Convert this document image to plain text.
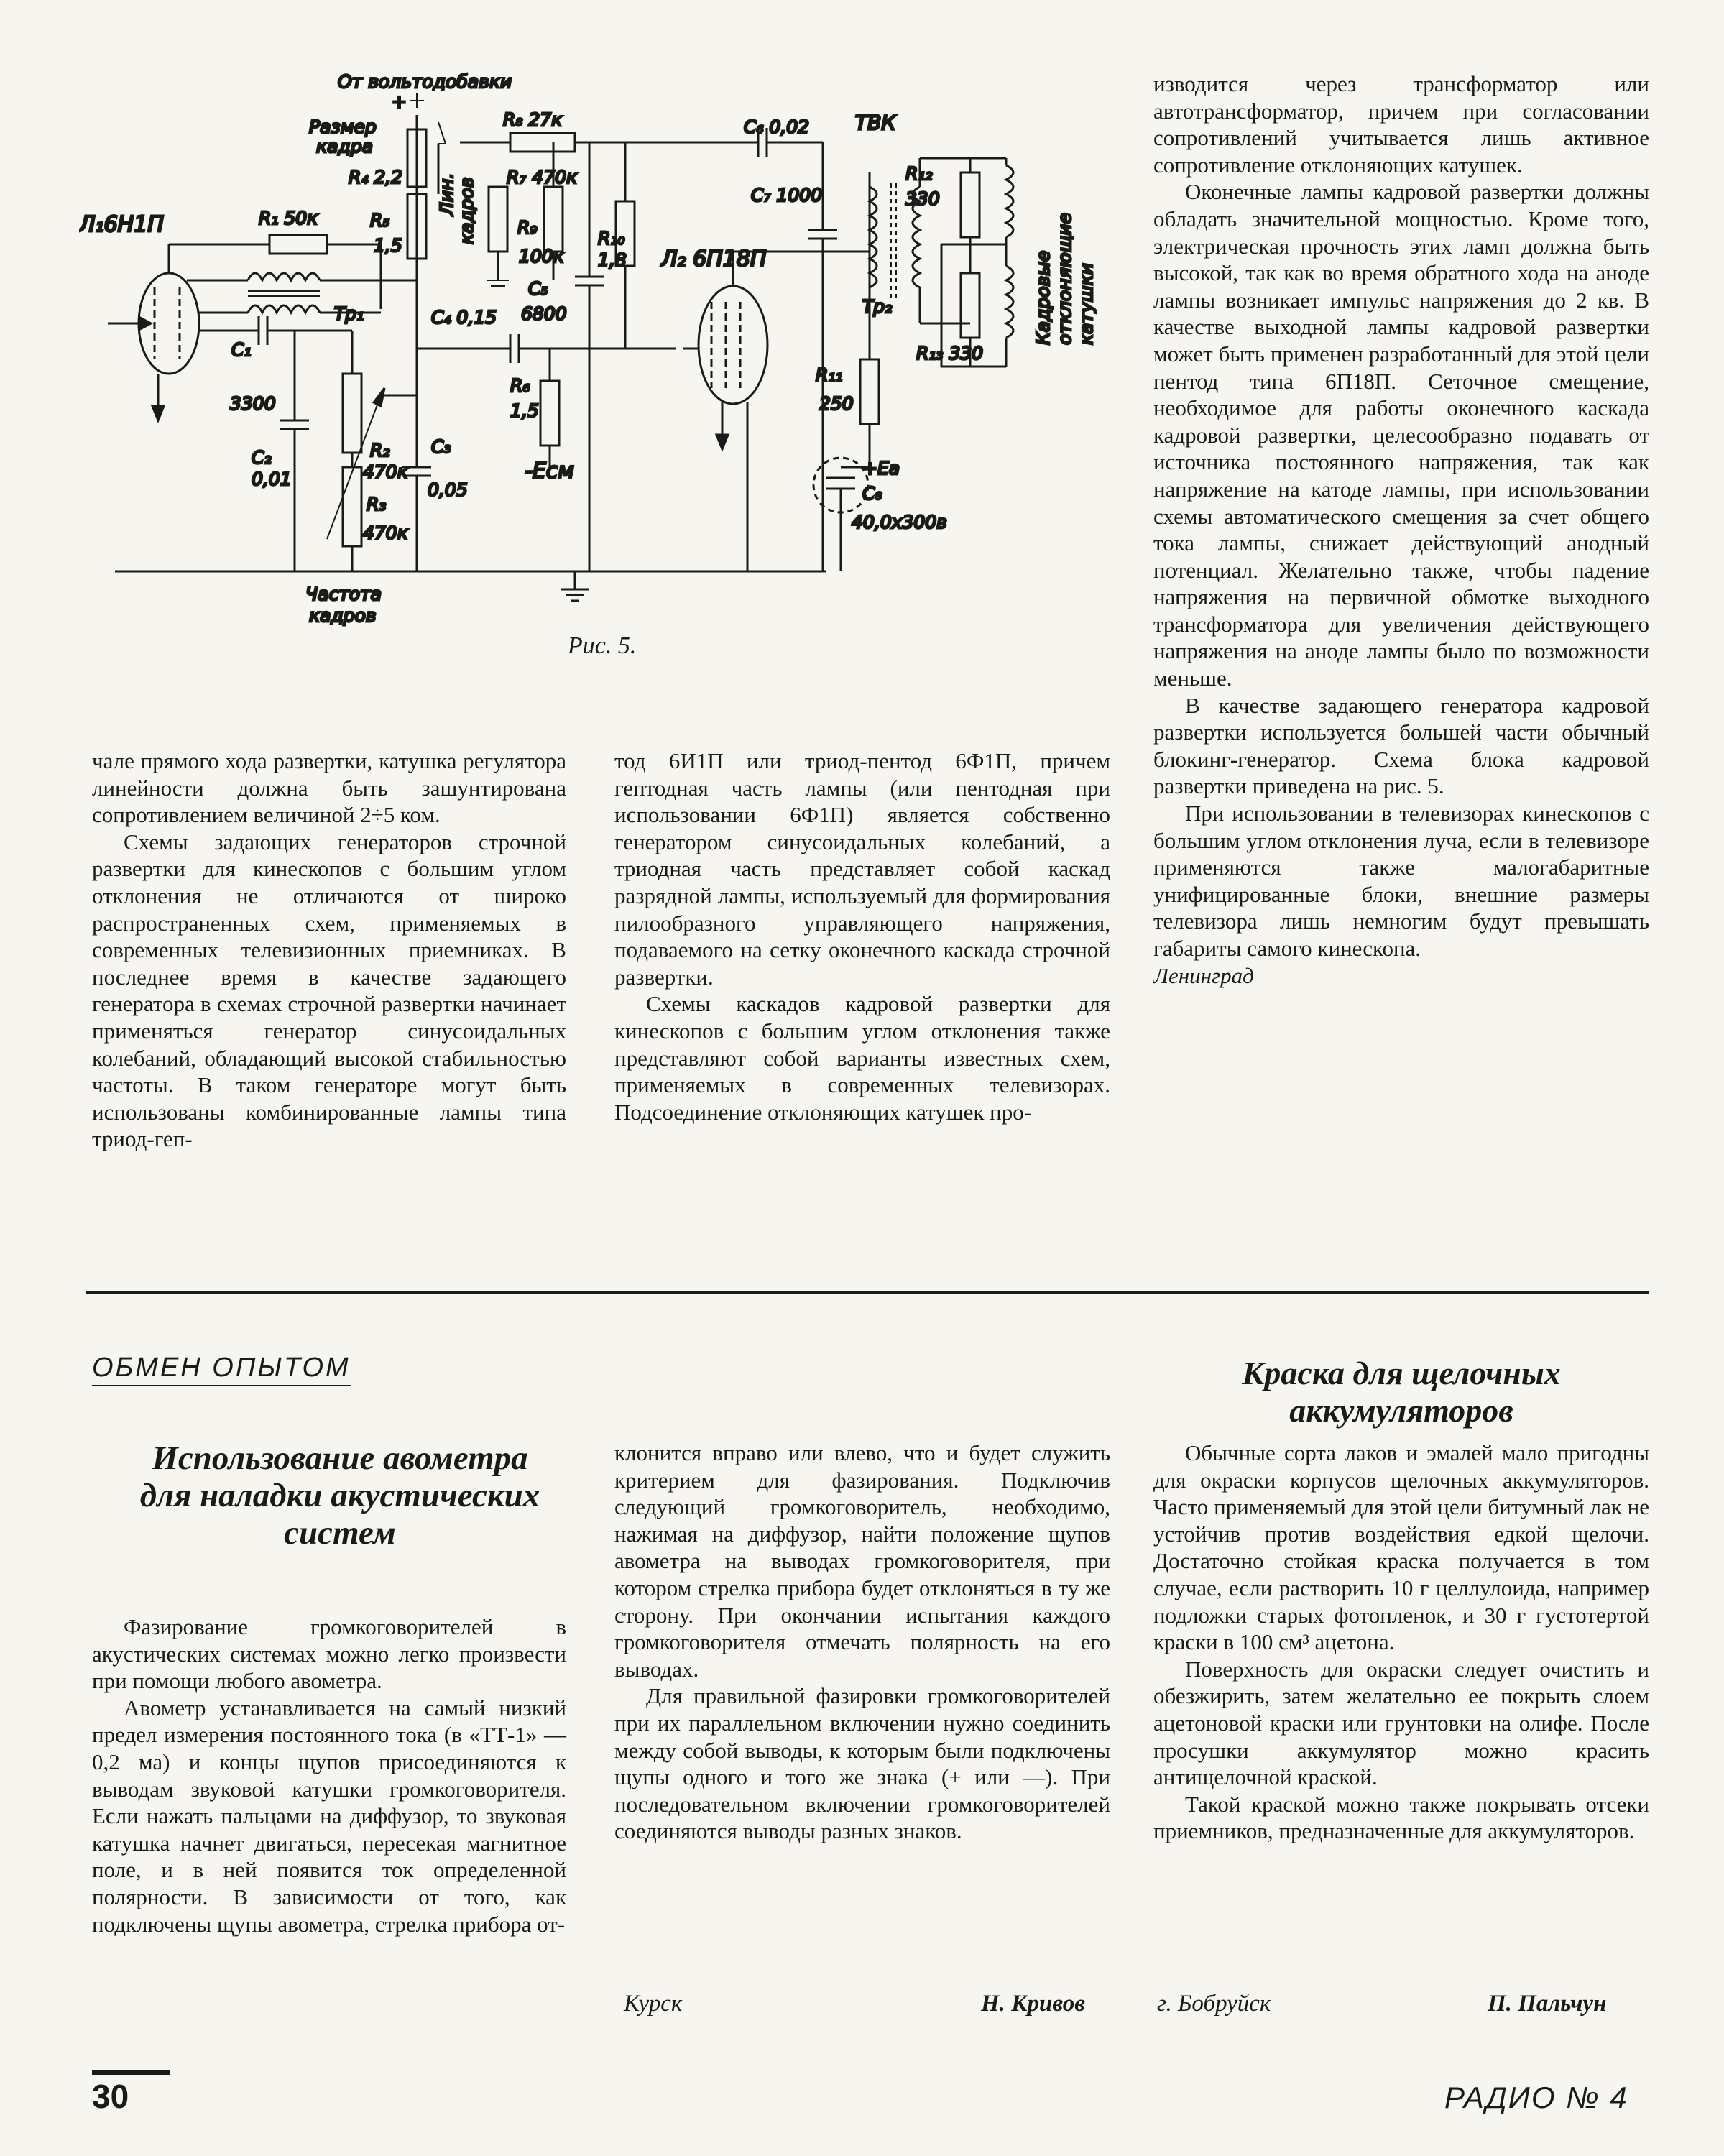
От вольтодобавки
+
Размер
кадра
R₄ 2,2
R₅
1,5
Лин. кадров
Л₁6Н1П	R₁ 50к
Тр₁
C₁
3300
C₂
0,01
R₂
470к
R₃
470к
C₃
0,05
C₄ 0,15
R₈ 27к
R₇ 470к
R₉
100к
R₁₀
1,8
C₅
6800
R₆
1,5
-Eсм
C₆ 0,02
C₇ 1000
Л₂ 6П18П
ТВК
Тр₂
R₁₁
250
+Eа
C₈
40,0х300в
R₁₂
330
R₁₃ 330
Кадровые отклоняющие катушки
Частота
кадров
Рис. 5.

чале прямого хода развертки, катушка регулятора линейности должна быть зашунтирована сопротивлением величиной 2÷5 ком.

Схемы задающих генераторов строчной развертки для кинескопов с большим углом отклонения не отличаются от широко распространенных схем, применяемых в современных телевизионных приемниках. В последнее время в качестве задающего генератора в схемах строчной развертки начинает применяться генератор синусоидальных колебаний, обладающий высокой стабильностью частоты. В таком генераторе могут быть использованы комбинированные лампы типа триод-геп-

тод 6И1П или триод-пентод 6Ф1П, причем гептодная часть лампы (или пентодная при использовании 6Ф1П) является собственно генератором синусоидальных колебаний, а триодная часть представляет собой каскад разрядной лампы, используемый для формирования пилообразного управляющего напряжения, подаваемого на сетку оконечного каскада строчной развертки.

Схемы каскадов кадровой развертки для кинескопов с большим углом отклонения также представляют собой варианты известных схем, применяемых в современных телевизорах. Подсоединение отклоняющих катушек про-

изводится через трансформатор или автотрансформатор, причем при согласовании сопротивлений учитывается лишь активное сопротивление отклоняющих катушек.

Оконечные лампы кадровой развертки должны обладать значительной мощностью. Кроме того, электрическая прочность этих ламп должна быть высокой, так как во время обратного хода на аноде лампы возникает импульс напряжения до 2 кв. В качестве выходной лампы кадровой развертки может быть применен разработанный для этой цели пентод типа 6П18П. Сеточное смещение, необходимое для работы оконечного каскада кадровой развертки, целесообразно подавать от источника постоянного напряжения, так как напряжение на катоде лампы, при использовании схемы автоматического смещения за счет общего тока лампы, снижает действующий анодный потенциал. Желательно также, чтобы падение напряжения на первичной обмотке выходного трансформатора для увеличения действующего напряжения на аноде лампы было по возможности меньше.

В качестве задающего генератора кадровой развертки используется большей части обычный блокинг-генератор. Схема блока кадровой развертки приведена на рис. 5.

При использовании в телевизорах кинескопов с большим углом отклонения луча, если в телевизоре применяются также малогабаритные унифицированные блоки, внешние размеры телевизора лишь немногим будут превышать габариты самого кинескопа.

Ленинград

ОБМЕН ОПЫТОМ
Использование авометра
для наладки акустических
систем

Фазирование громкоговорителей в акустических системах можно легко произвести при помощи любого авометра.

Авометр устанавливается на самый низкий предел измерения постоянного тока (в «ТТ-1» — 0,2 ма) и концы щупов присоединяются к выводам звуковой катушки громкоговорителя. Если нажать пальцами на диффузор, то звуковая катушка начнет двигаться, пересекая магнитное поле, и в ней появится ток определенной полярности. В зависимости от того, как подключены щупы авометра, стрелка прибора от-

клонится вправо или влево, что и будет служить критерием для фазирования. Подключив следующий громкоговоритель, необходимо, нажимая на диффузор, найти положение щупов авометра на выводах громкоговорителя, при котором стрелка прибора будет отклоняться в ту же сторону. При окончании испытания каждого громкоговорителя отмечать полярность на его выводах.

Для правильной фазировки громкоговорителей при их параллельном включении нужно соединить между собой выводы, к которым были подключены щупы одного и того же знака (+ или —). При последовательном включении громкоговорителей соединяются выводы разных знаков.

Курск	Н. Кривов
Краска для щелочных
аккумуляторов

Обычные сорта лаков и эмалей мало пригодны для окраски корпусов щелочных аккумуляторов. Часто применяемый для этой цели битумный лак не устойчив против воздействия едкой щелочи. Достаточно стойкая краска получается в том случае, если растворить 10 г целлулоида, например подложки старых фотопленок, и 30 г густотертой краски в 100 см³ ацетона.

Поверхность для окраски следует очистить и обезжирить, затем желательно ее покрыть слоем ацетоновой краски или грунтовки на олифе. После просушки аккумулятор можно красить антищелочной краской.

Такой краской можно также покрывать отсеки приемников, предназначенные для аккумуляторов.

г. Бобруйск	П. Пальчун
30	РАДИО № 4
